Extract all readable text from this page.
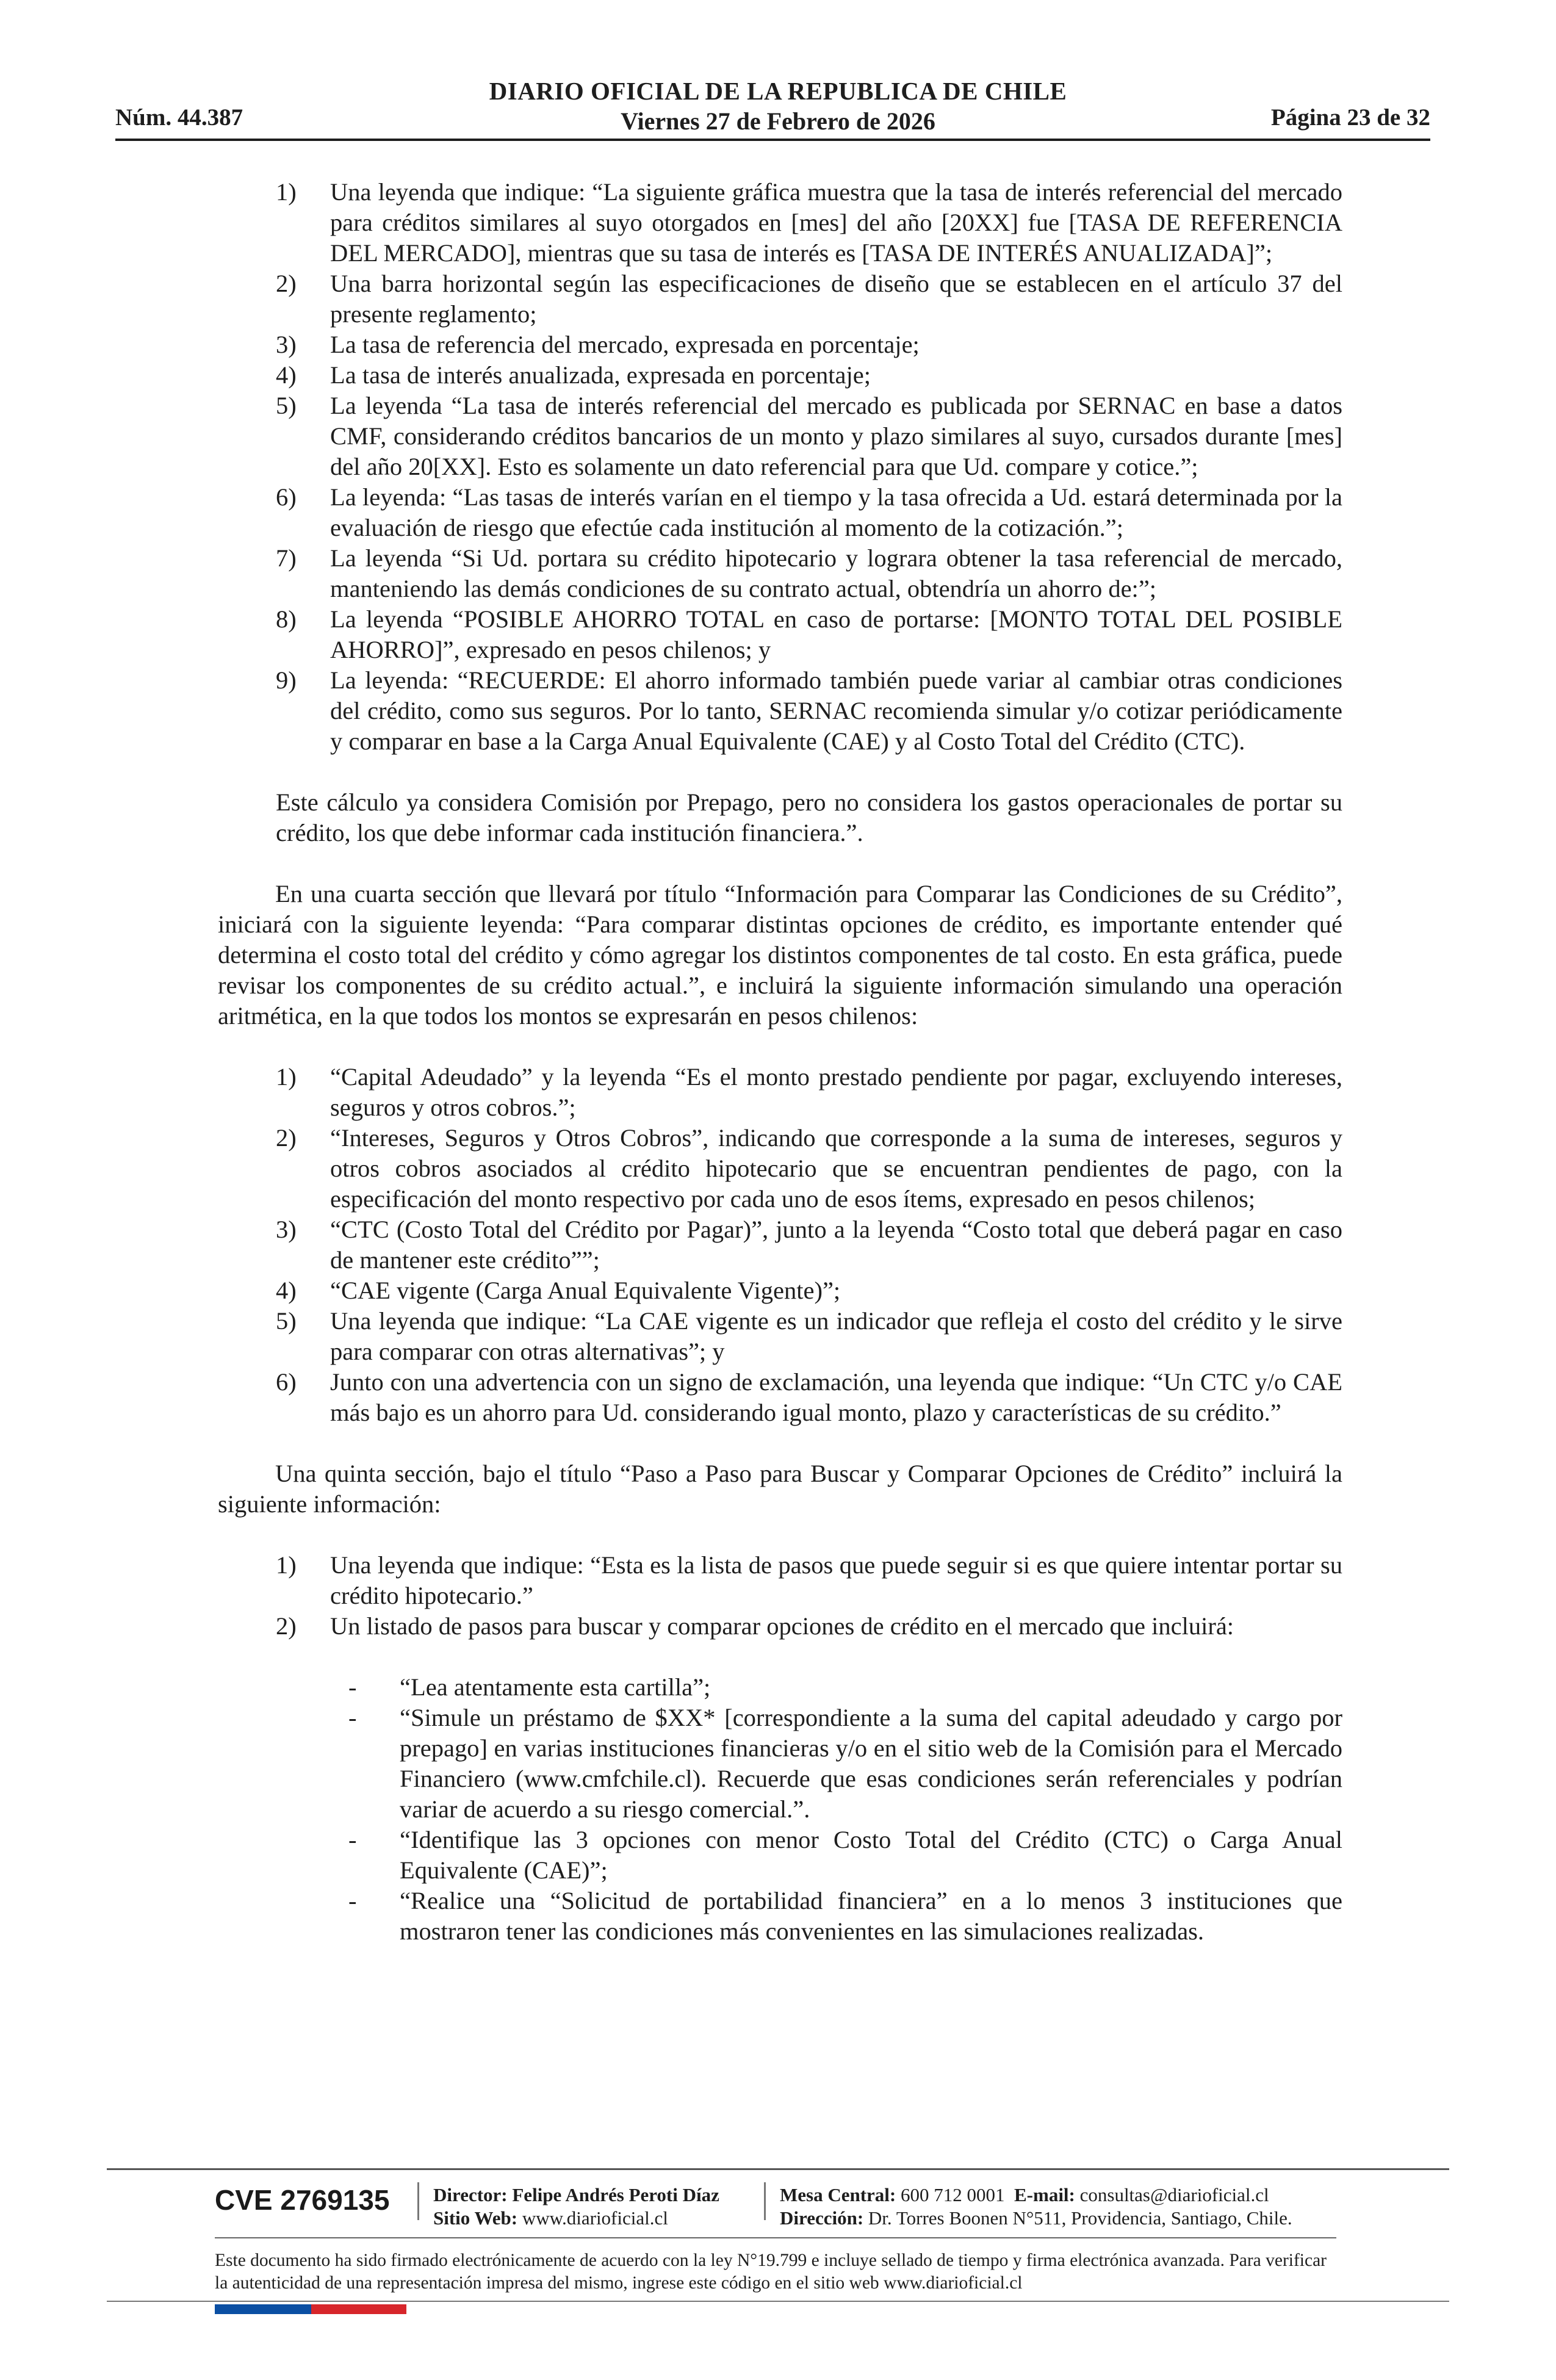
DIARIO OFICIAL DE LA REPUBLICA DE CHILE
Viernes 27 de Febrero de 2026
Núm. 44.387	Página 23 de 32
1) Una leyenda que indique: “La siguiente gráfica muestra que la tasa de interés referencial del mercado para créditos similares al suyo otorgados en [mes] del año [20XX] fue [TASA DE REFERENCIA DEL MERCADO], mientras que su tasa de interés es [TASA DE INTERÉS ANUALIZADA]”;
2) Una barra horizontal según las especificaciones de diseño que se establecen en el artículo 37 del presente reglamento;
3) La tasa de referencia del mercado, expresada en porcentaje;
4) La tasa de interés anualizada, expresada en porcentaje;
5) La leyenda “La tasa de interés referencial del mercado es publicada por SERNAC en base a datos CMF, considerando créditos bancarios de un monto y plazo similares al suyo, cursados durante [mes] del año 20[XX]. Esto es solamente un dato referencial para que Ud. compare y cotice.”;
6) La leyenda: “Las tasas de interés varían en el tiempo y la tasa ofrecida a Ud. estará determinada por la evaluación de riesgo que efectúe cada institución al momento de la cotización.”;
7) La leyenda “Si Ud. portara su crédito hipotecario y lograra obtener la tasa referencial de mercado, manteniendo las demás condiciones de su contrato actual, obtendría un ahorro de:”;
8) La leyenda “POSIBLE AHORRO TOTAL en caso de portarse: [MONTO TOTAL DEL POSIBLE AHORRO]”, expresado en pesos chilenos; y
9) La leyenda: “RECUERDE: El ahorro informado también puede variar al cambiar otras condiciones del crédito, como sus seguros. Por lo tanto, SERNAC recomienda simular y/o cotizar periódicamente y comparar en base a la Carga Anual Equivalente (CAE) y al Costo Total del Crédito (CTC).

Este cálculo ya considera Comisión por Prepago, pero no considera los gastos operacionales de portar su crédito, los que debe informar cada institución financiera.”.

En una cuarta sección que llevará por título “Información para Comparar las Condiciones de su Crédito”, iniciará con la siguiente leyenda: “Para comparar distintas opciones de crédito, es importante entender qué determina el costo total del crédito y cómo agregar los distintos componentes de tal costo. En esta gráfica, puede revisar los componentes de su crédito actual.”, e incluirá la siguiente información simulando una operación aritmética, en la que todos los montos se expresarán en pesos chilenos:

1) “Capital Adeudado” y la leyenda “Es el monto prestado pendiente por pagar, excluyendo intereses, seguros y otros cobros.”;
2) “Intereses, Seguros y Otros Cobros”, indicando que corresponde a la suma de intereses, seguros y otros cobros asociados al crédito hipotecario que se encuentran pendientes de pago, con la especificación del monto respectivo por cada uno de esos ítems, expresado en pesos chilenos;
3) “CTC (Costo Total del Crédito por Pagar)”, junto a la leyenda “Costo total que deberá pagar en caso de mantener este crédito””;
4) “CAE vigente (Carga Anual Equivalente Vigente)”;
5) Una leyenda que indique: “La CAE vigente es un indicador que refleja el costo del crédito y le sirve para comparar con otras alternativas”; y
6) Junto con una advertencia con un signo de exclamación, una leyenda que indique: “Un CTC y/o CAE más bajo es un ahorro para Ud. considerando igual monto, plazo y características de su crédito.”

Una quinta sección, bajo el título “Paso a Paso para Buscar y Comparar Opciones de Crédito” incluirá la siguiente información:

1) Una leyenda que indique: “Esta es la lista de pasos que puede seguir si es que quiere intentar portar su crédito hipotecario.”
2) Un listado de pasos para buscar y comparar opciones de crédito en el mercado que incluirá:
- “Lea atentamente esta cartilla”;
- “Simule un préstamo de $XX* [correspondiente a la suma del capital adeudado y cargo por prepago] en varias instituciones financieras y/o en el sitio web de la Comisión para el Mercado Financiero (www.cmfchile.cl). Recuerde que esas condiciones serán referenciales y podrían variar de acuerdo a su riesgo comercial.”.
- “Identifique las 3 opciones con menor Costo Total del Crédito (CTC) o Carga Anual Equivalente (CAE)”;
- “Realice una “Solicitud de portabilidad financiera” en a lo menos 3 instituciones que mostraron tener las condiciones más convenientes en las simulaciones realizadas.
CVE 2769135 Director: Felipe Andrés Peroti Díaz
Sitio Web: www.diarioficial.cl
Mesa Central: 600 712 0001 E-mail: consultas@diarioficial.cl
Dirección: Dr. Torres Boonen N°511, Providencia, Santiago, Chile.
Este documento ha sido firmado electrónicamente de acuerdo con la ley N°19.799 e incluye sellado de tiempo y firma electrónica avanzada. Para verificar la autenticidad de una representación impresa del mismo, ingrese este código en el sitio web www.diarioficial.cl
